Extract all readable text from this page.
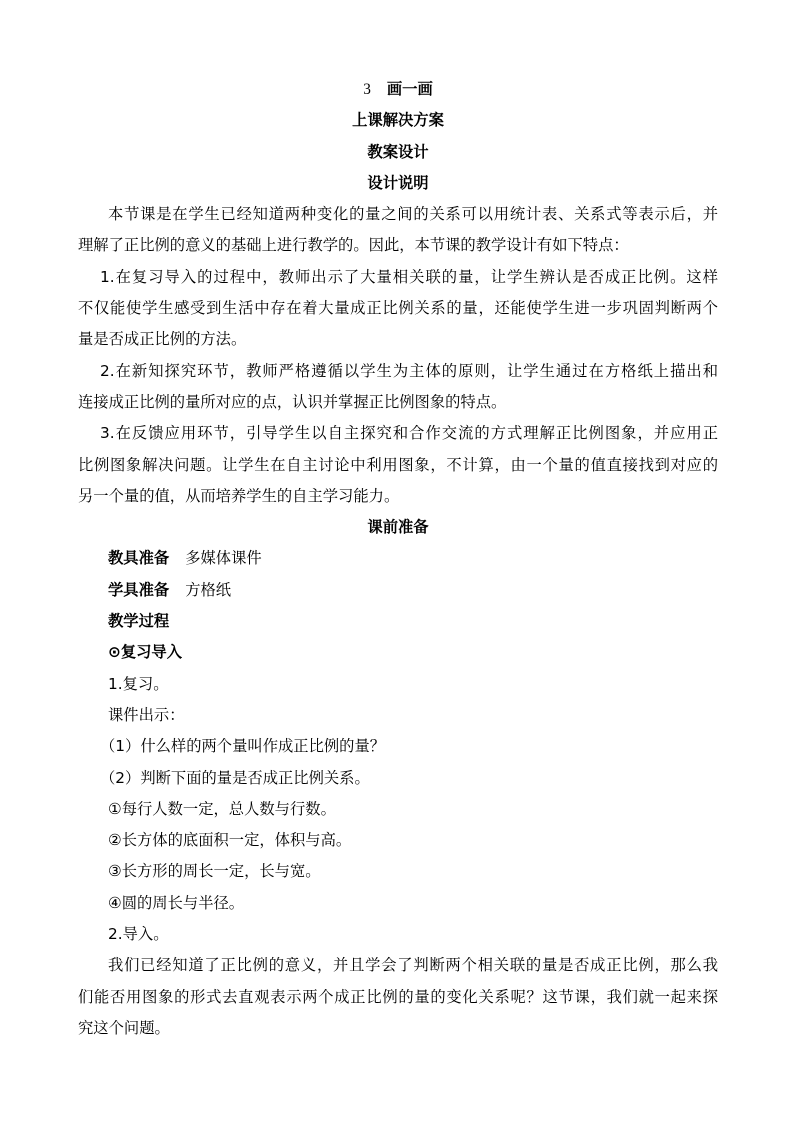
3 画一画
上课解决方案
教案设计
设计说明
本节课是在学生已经知道两种变化的量之间的关系可以用统计表、关系式等表示后，并
理解了正比例的意义的基础上进行教学的。因此，本节课的教学设计有如下特点：
1.在复习导入的过程中，教师出示了大量相关联的量，让学生辨认是否成正比例。这样
不仅能使学生感受到生活中存在着大量成正比例关系的量，还能使学生进一步巩固判断两个
量是否成正比例的方法。
2.在新知探究环节，教师严格遵循以学生为主体的原则，让学生通过在方格纸上描出和
连接成正比例的量所对应的点，认识并掌握正比例图象的特点。
3.在反馈应用环节，引导学生以自主探究和合作交流的方式理解正比例图象，并应用正
比例图象解决问题。让学生在自主讨论中利用图象，不计算，由一个量的值直接找到对应的
另一个量的值，从而培养学生的自主学习能力。
课前准备
教具准备 多媒体课件
学具准备 方格纸
教学过程
⊙复习导入
1.复习。
课件出示：
（1）什么样的两个量叫作成正比例的量？
（2）判断下面的量是否成正比例关系。
①每行人数一定，总人数与行数。
②长方体的底面积一定，体积与高。
③长方形的周长一定，长与宽。
④圆的周长与半径。
2.导入。
我们已经知道了正比例的意义，并且学会了判断两个相关联的量是否成正比例，那么我
们能否用图象的形式去直观表示两个成正比例的量的变化关系呢？这节课，我们就一起来探
究这个问题。
